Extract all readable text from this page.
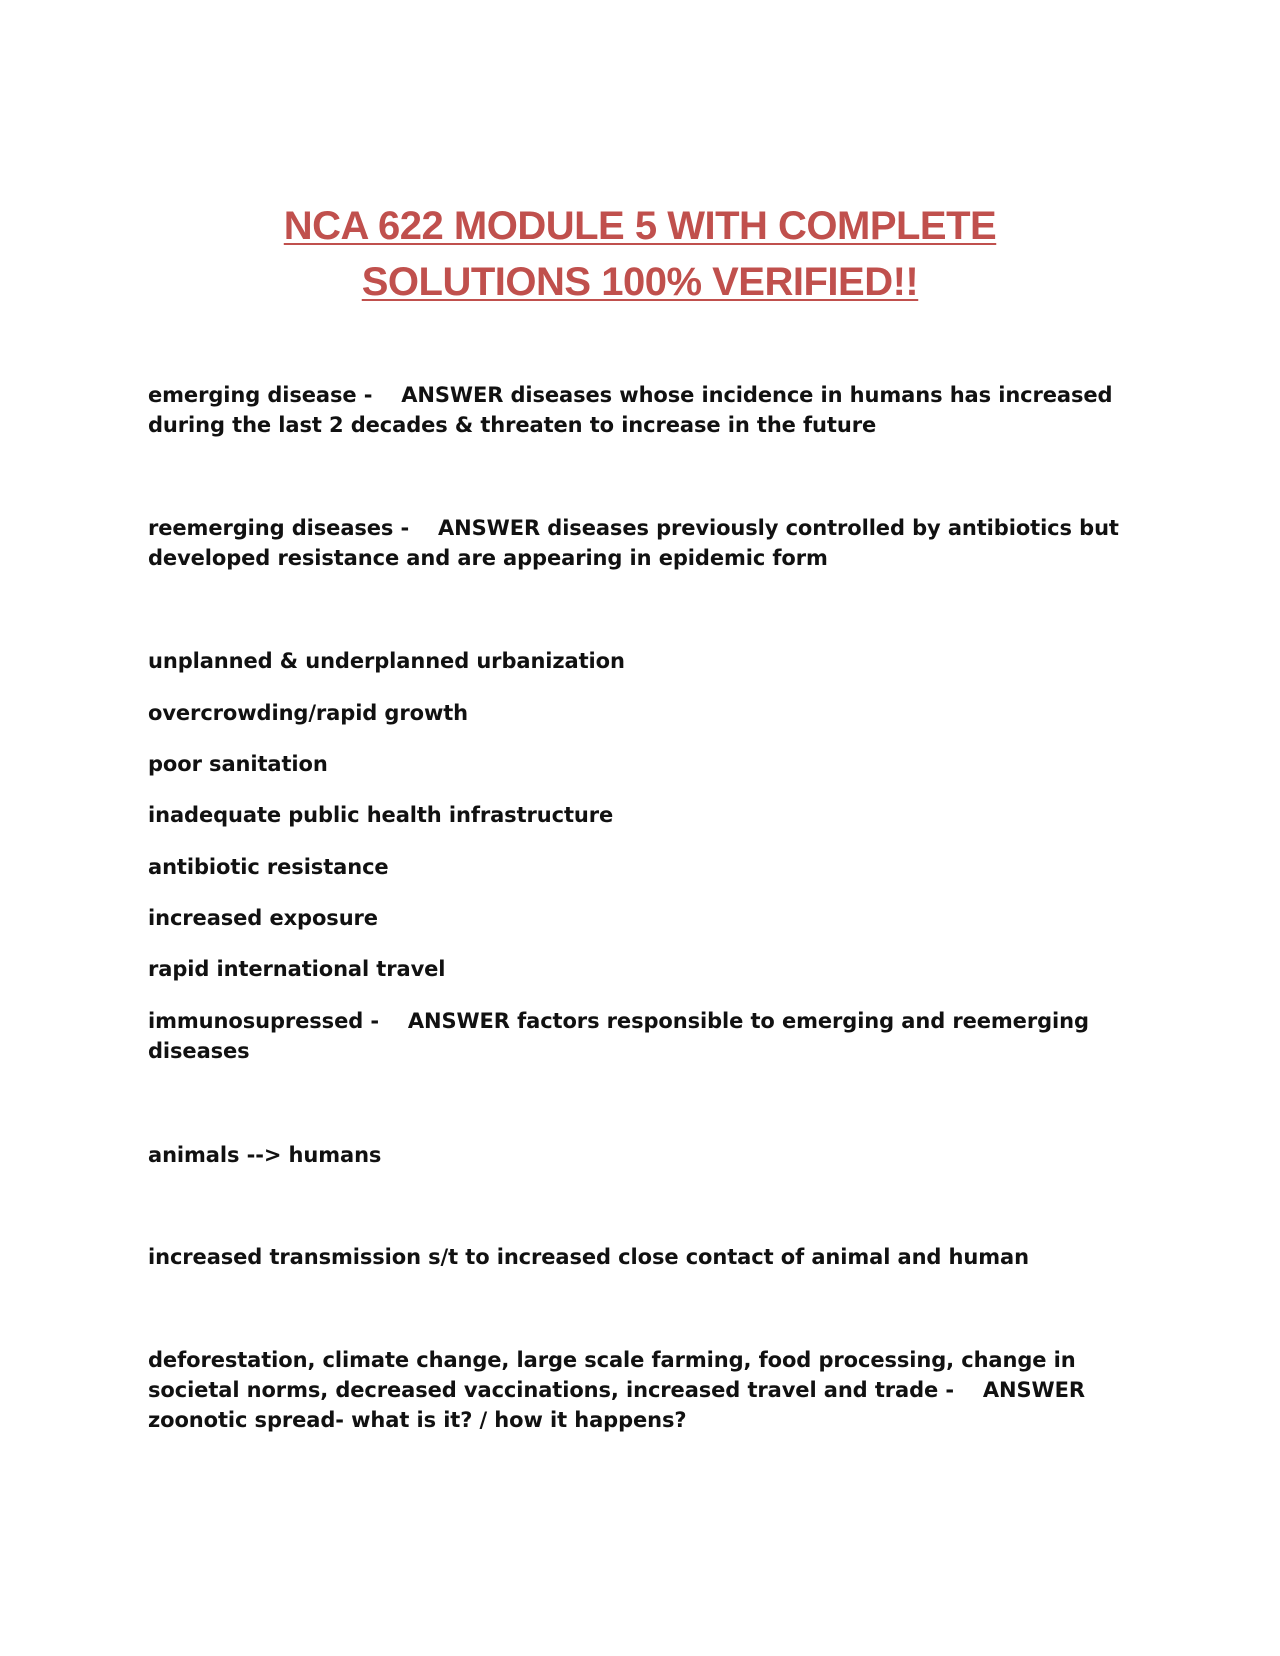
NCA 622 MODULE 5 WITH COMPLETE
SOLUTIONS 100% VERIFIED!!
emerging disease - ANSWER diseases whose incidence in humans has increased during the last 2 decades & threaten to increase in the future
reemerging diseases - ANSWER diseases previously controlled by antibiotics but developed resistance and are appearing in epidemic form
unplanned & underplanned urbanization
overcrowding/rapid growth
poor sanitation
inadequate public health infrastructure
antibiotic resistance
increased exposure
rapid international travel
immunosupressed - ANSWER factors responsible to emerging and reemerging diseases
animals --> humans
increased transmission s/t to increased close contact of animal and human
deforestation, climate change, large scale farming, food processing, change in societal norms, decreased vaccinations, increased travel and trade - ANSWER zoonotic spread- what is it? / how it happens?
